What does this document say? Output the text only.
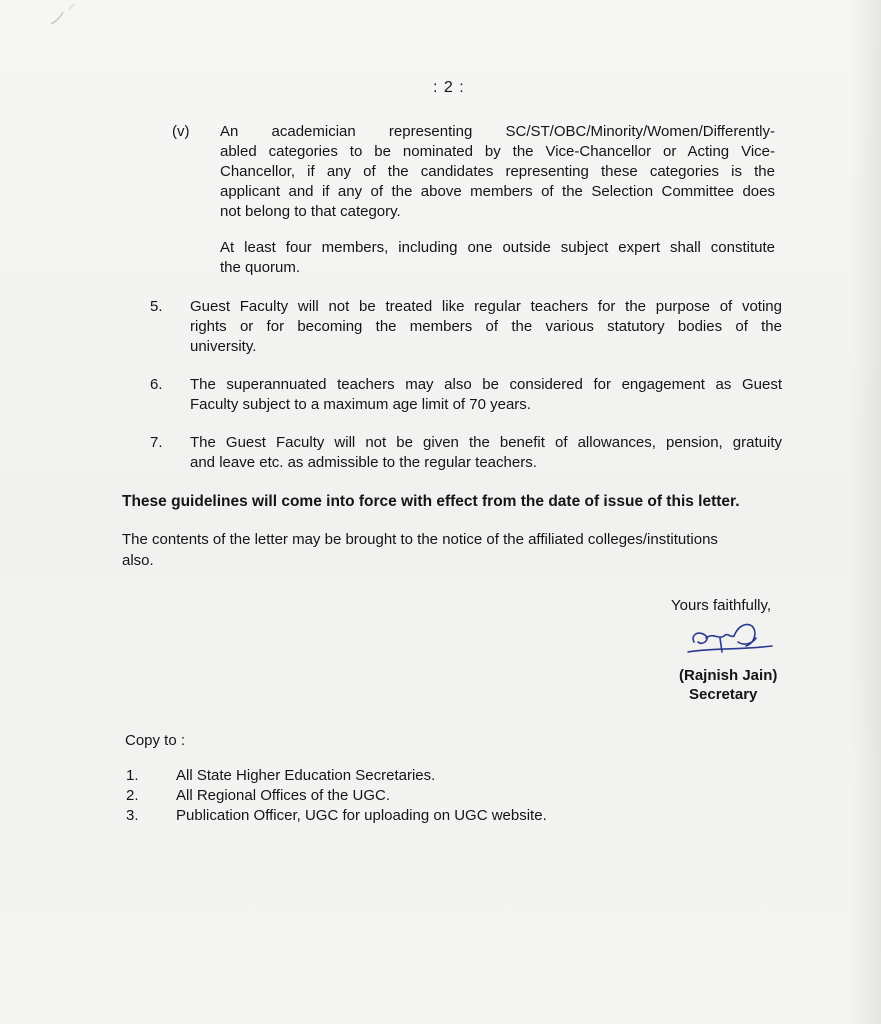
: 2 :
(v) An academician representing SC/ST/OBC/Minority/Women/Differently-
abled categories to be nominated by the Vice-Chancellor or Acting Vice-
Chancellor, if any of the candidates representing these categories is the
applicant and if any of the above members of the Selection Committee does
not belong to that category.
At least four members, including one outside subject expert shall constitute
the quorum.
5. Guest Faculty will not be treated like regular teachers for the purpose of voting
rights or for becoming the members of the various statutory bodies of the
university.
6. The superannuated teachers may also be considered for engagement as Guest
Faculty subject to a maximum age limit of 70 years.
7. The Guest Faculty will not be given the benefit of allowances, pension, gratuity
and leave etc. as admissible to the regular teachers.
These guidelines will come into force with effect from the date of issue of this letter.
The contents of the letter may be brought to the notice of the affiliated colleges/institutions
also.
Yours faithfully,
(Rajnish Jain)
Secretary
Copy to :
1. All State Higher Education Secretaries.
2. All Regional Offices of the UGC.
3. Publication Officer, UGC for uploading on UGC website.
